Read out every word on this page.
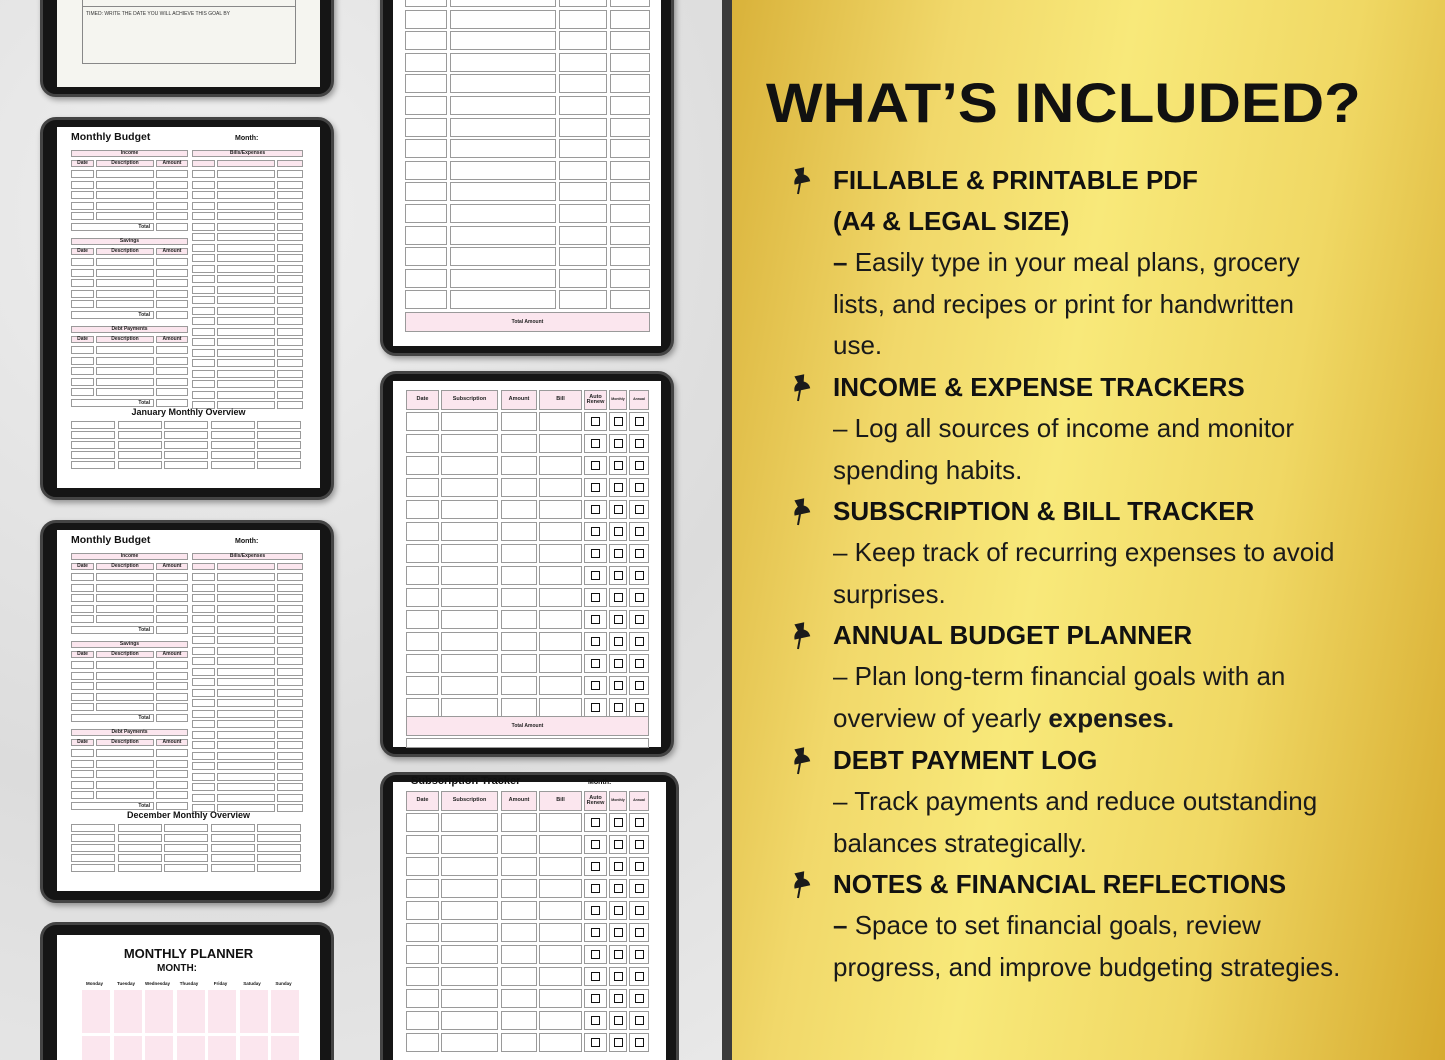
TIMED: WRITE THE DATE YOU WILL ACHIEVE THIS GOAL BY
Monthly Budget	Month:
Income
Date	Description	Amount
Total
Savings
Date	Description	Amount
Total
Debt Payments
Date	Description	Amount
Total
Bills/Expenses
January Monthly Overview
Monthly Budget	Month:
Income
Date	Description	Amount
Total
Savings
Date	Description	Amount
Total
Debt Payments
Date	Description	Amount
Total
Bills/Expenses
December Monthly Overview
MONTHLY PLANNER
MONTH:
Monday	Tuesday	Wednesday	Thusday	Friday	Satuday	Sunday
Total Amount
Date	Subscription	Amount	Bill	Auto Renew	Monthly	Annual
Total Amount
Subscription Tracker	Month:
Date	Subscription	Amount	Bill	Auto Renew	Monthly	Annual
WHAT’S INCLUDED?
FILLABLE & PRINTABLE PDF
(A4 & LEGAL SIZE)
– Easily type in your meal plans, grocery
lists, and recipes or print for handwritten
use.
INCOME & EXPENSE TRACKERS
– Log all sources of income and monitor
spending habits.
SUBSCRIPTION & BILL TRACKER
– Keep track of recurring expenses to avoid
surprises.
ANNUAL BUDGET PLANNER
– Plan long-term financial goals with an
overview of yearly expenses.
DEBT PAYMENT LOG
– Track payments and reduce outstanding
balances strategically.
NOTES & FINANCIAL REFLECTIONS
– Space to set financial goals, review
progress, and improve budgeting strategies.
